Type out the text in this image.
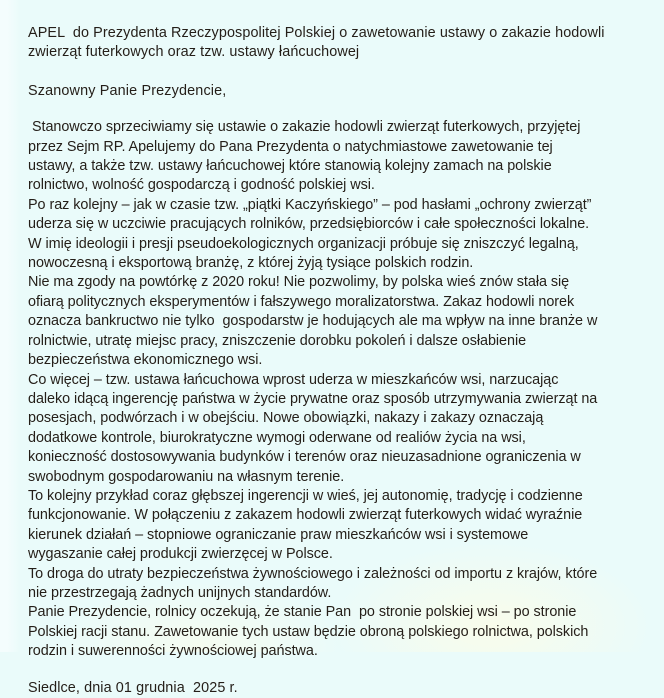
APEL  do Prezydenta Rzeczypospolitej Polskiej o zawetowanie ustawy o zakazie hodowli
zwierząt futerkowych oraz tzw. ustawy łańcuchowej
Szanowny Panie Prezydencie,
Stanowczo sprzeciwiamy się ustawie o zakazie hodowli zwierząt futerkowych, przyjętej
przez Sejm RP. Apelujemy do Pana Prezydenta o natychmiastowe zawetowanie tej
ustawy, a także tzw. ustawy łańcuchowej które stanowią kolejny zamach na polskie
rolnictwo, wolność gospodarczą i godność polskiej wsi.
Po raz kolejny – jak w czasie tzw. „piątki Kaczyńskiego” – pod hasłami „ochrony zwierząt”
uderza się w uczciwie pracujących rolników, przedsiębiorców i całe społeczności lokalne.
W imię ideologii i presji pseudoekologicznych organizacji próbuje się zniszczyć legalną,
nowoczesną i eksportową branżę, z której żyją tysiące polskich rodzin.
Nie ma zgody na powtórkę z 2020 roku! Nie pozwolimy, by polska wieś znów stała się
ofiarą politycznych eksperymentów i fałszywego moralizatorstwa. Zakaz hodowli norek
oznacza bankructwo nie tylko  gospodarstw je hodujących ale ma wpływ na inne branże w
rolnictwie, utratę miejsc pracy, zniszczenie dorobku pokoleń i dalsze osłabienie
bezpieczeństwa ekonomicznego wsi.
Co więcej – tzw. ustawa łańcuchowa wprost uderza w mieszkańców wsi, narzucając
daleko idącą ingerencję państwa w życie prywatne oraz sposób utrzymywania zwierząt na
posesjach, podwórzach i w obejściu. Nowe obowiązki, nakazy i zakazy oznaczają
dodatkowe kontrole, biurokratyczne wymogi oderwane od realiów życia na wsi,
konieczność dostosowywania budynków i terenów oraz nieuzasadnione ograniczenia w
swobodnym gospodarowaniu na własnym terenie.
To kolejny przykład coraz głębszej ingerencji w wieś, jej autonomię, tradycję i codzienne
funkcjonowanie. W połączeniu z zakazem hodowli zwierząt futerkowych widać wyraźnie
kierunek działań – stopniowe ograniczanie praw mieszkańców wsi i systemowe
wygaszanie całej produkcji zwierzęcej w Polsce.
To droga do utraty bezpieczeństwa żywnościowego i zależności od importu z krajów, które
nie przestrzegają żadnych unijnych standardów.
Panie Prezydencie, rolnicy oczekują, że stanie Pan  po stronie polskiej wsi – po stronie
Polskiej racji stanu. Zawetowanie tych ustaw będzie obroną polskiego rolnictwa, polskich
rodzin i suwerenności żywnościowej państwa.
Siedlce, dnia 01 grudnia  2025 r.
